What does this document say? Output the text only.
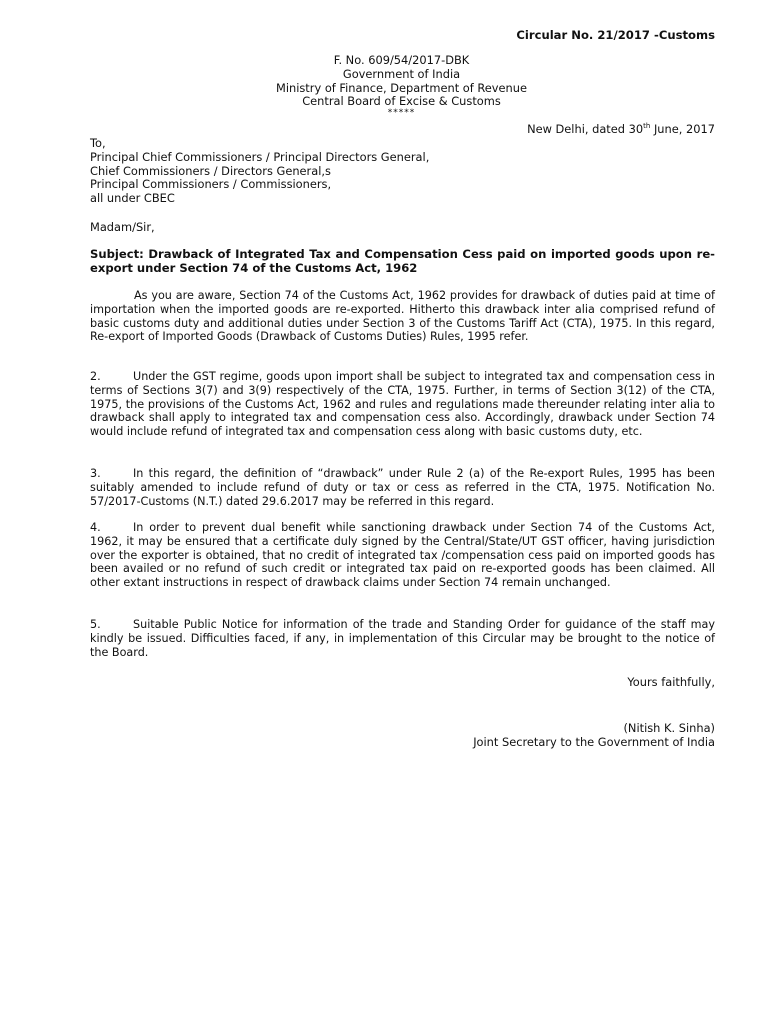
Circular No. 21/2017 -Customs
F. No. 609/54/2017-DBK
Government of India
Ministry of Finance, Department of Revenue
Central Board of Excise & Customs
*****
New Delhi, dated 30th June, 2017
To,
Principal Chief Commissioners / Principal Directors General,
Chief Commissioners / Directors General,s
Principal Commissioners / Commissioners,
all under CBEC
Madam/Sir,
Subject: Drawback of Integrated Tax and Compensation Cess paid on imported goods upon re-export under Section 74 of the Customs Act, 1962

As you are aware, Section 74 of the Customs Act, 1962 provides for drawback of duties paid at time of importation when the imported goods are re-exported. Hitherto this drawback inter alia comprised refund of basic customs duty and additional duties under Section 3 of the Customs Tariff Act (CTA), 1975. In this regard, Re-export of Imported Goods (Drawback of Customs Duties) Rules, 1995 refer.

2.	Under the GST regime, goods upon import shall be subject to integrated tax and compensation cess in terms of Sections 3(7) and 3(9) respectively of the CTA, 1975. Further, in terms of Section 3(12) of the CTA, 1975, the provisions of the Customs Act, 1962 and rules and regulations made thereunder relating inter alia to drawback shall apply to integrated tax and compensation cess also. Accordingly, drawback under Section 74 would include refund of integrated tax and compensation cess along with basic customs duty, etc.

3.	In this regard, the definition of “drawback” under Rule 2 (a) of the Re-export Rules, 1995 has been suitably amended to include refund of duty or tax or cess as referred in the CTA, 1975. Notification No. 57/2017-Customs (N.T.) dated 29.6.2017 may be referred in this regard.

4.	In order to prevent dual benefit while sanctioning drawback under Section 74 of the Customs Act, 1962, it may be ensured that a certificate duly signed by the Central/State/UT GST officer, having jurisdiction over the exporter is obtained, that no credit of integrated tax /compensation cess paid on imported goods has been availed or no refund of such credit or integrated tax paid on re-exported goods has been claimed. All other extant instructions in respect of drawback claims under Section 74 remain unchanged.

5.	Suitable Public Notice for information of the trade and Standing Order for guidance of the staff may kindly be issued. Difficulties faced, if any, in implementation of this Circular may be brought to the notice of the Board.

Yours faithfully,
(Nitish K. Sinha)
Joint Secretary to the Government of India
